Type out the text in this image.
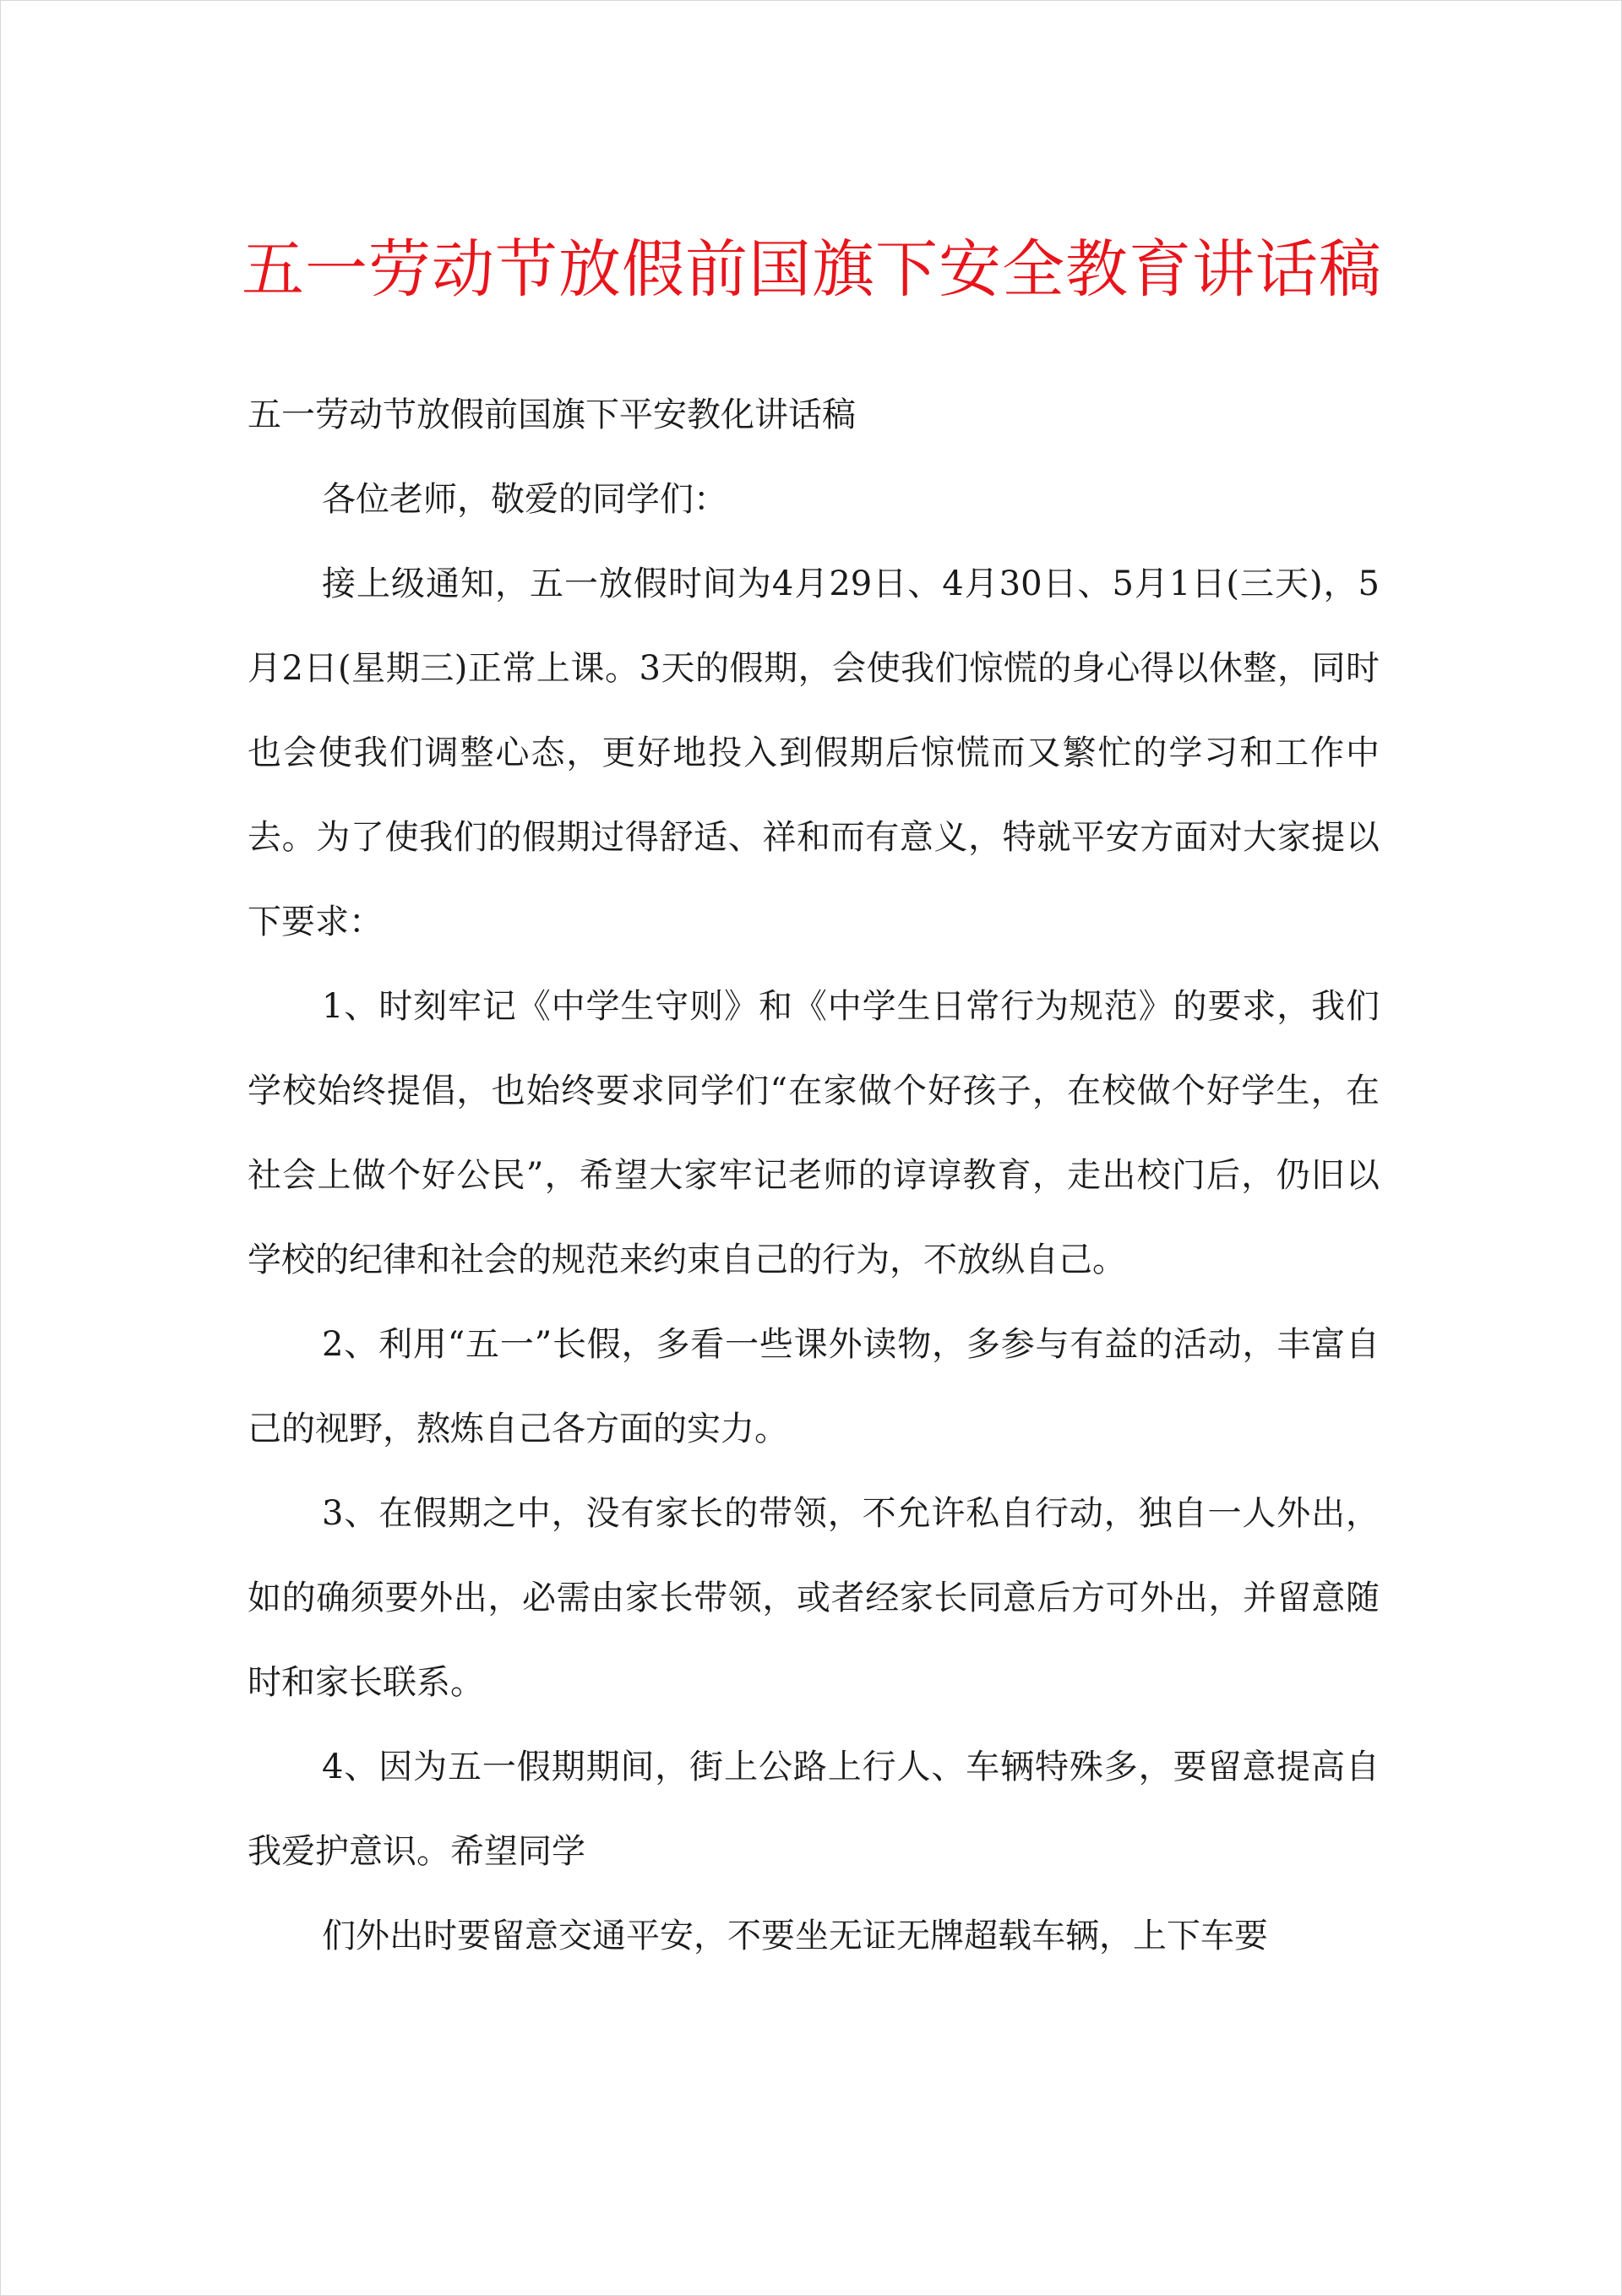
五一劳动节放假前国旗下安全教育讲话稿

五一劳动节放假前国旗下平安教化讲话稿

各位老师，敬爱的同学们：

接上级通知，五一放假时间为4月29日、4月30日、5月1日(三天)，5月2日(星期三)正常上课。3天的假期，会使我们惊慌的身心得以休整，同时也会使我们调整心态，更好地投入到假期后惊慌而又繁忙的学习和工作中去。为了使我们的假期过得舒适、祥和而有意义，特就平安方面对大家提以下要求：

1、时刻牢记《中学生守则》和《中学生日常行为规范》的要求，我们学校始终提倡，也始终要求同学们“在家做个好孩子，在校做个好学生，在社会上做个好公民”，希望大家牢记老师的谆谆教育，走出校门后，仍旧以学校的纪律和社会的规范来约束自己的行为，不放纵自己。

2、利用“五一”长假，多看一些课外读物，多参与有益的活动，丰富自己的视野，熬炼自己各方面的实力。

3、在假期之中，没有家长的带领，不允许私自行动，独自一人外出，如的确须要外出，必需由家长带领，或者经家长同意后方可外出，并留意随时和家长联系。

4、因为五一假期期间，街上公路上行人、车辆特殊多，要留意提高自我爱护意识。希望同学

们外出时要留意交通平安，不要坐无证无牌超载车辆，上下车要
